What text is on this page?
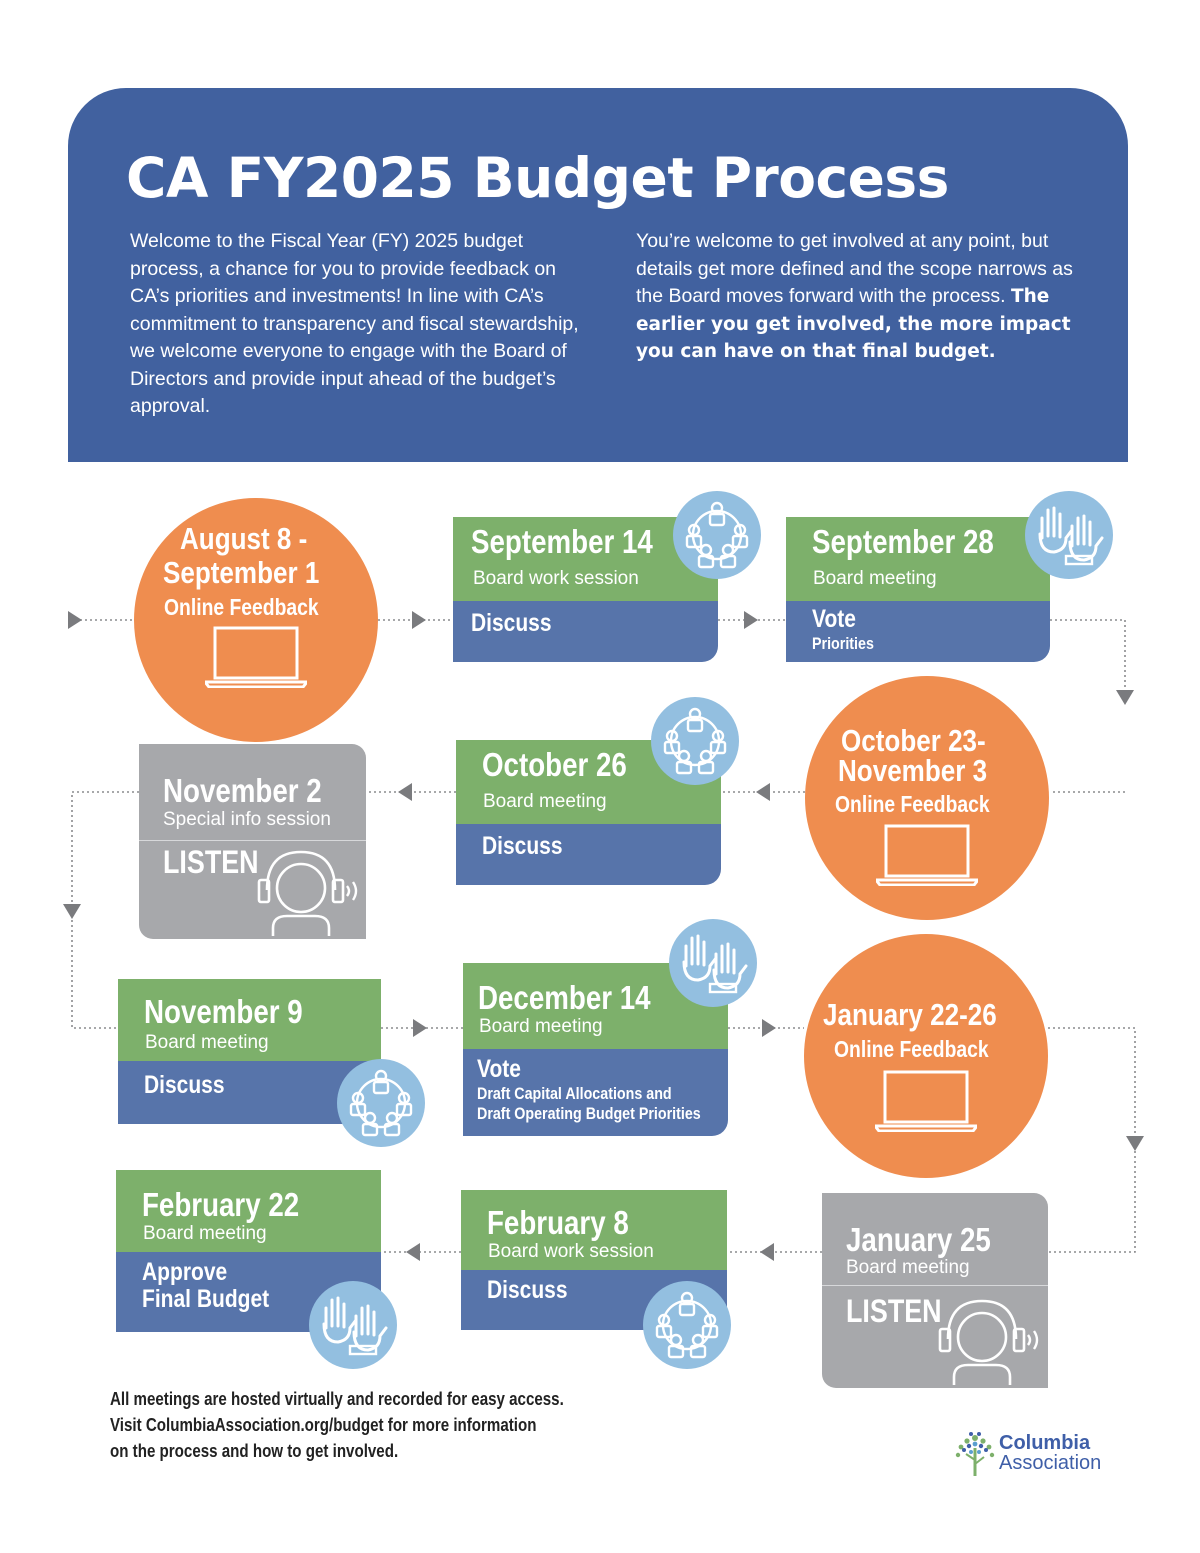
CA FY2025 Budget Process
Welcome to the Fiscal Year (FY) 2025 budget process, a chance for you to provide feedback on CA’s priorities and investments! In line with CA’s commitment to transparency and fiscal stewardship, we welcome everyone to engage with the Board of Directors and provide input ahead of the budget’s approval.
You’re welcome to get involved at any point, but details get more defined and the scope narrows as the Board moves forward with the process. The earlier you get involved, the more impact you can have on that final budget.
August 8 -
September 1
Online Feedback
September 14
Board work session
Discuss
September 28
Board meeting
Vote
Priorities
November 2
Special info session
LISTEN
October 26
Board meeting
Discuss
October 23-
November 3
Online Feedback
November 9
Board meeting
Discuss
December 14
Board meeting
Vote
Draft Capital Allocations and
Draft Operating Budget Priorities
January 22-26
Online Feedback
February 22
Board meeting
Approve
Final Budget
February 8
Board work session
Discuss
January 25
Board meeting
LISTEN
All meetings are hosted virtually and recorded for easy access.
Visit ColumbiaAssociation.org/budget for more information
on the process and how to get involved.	Columbia
Association
